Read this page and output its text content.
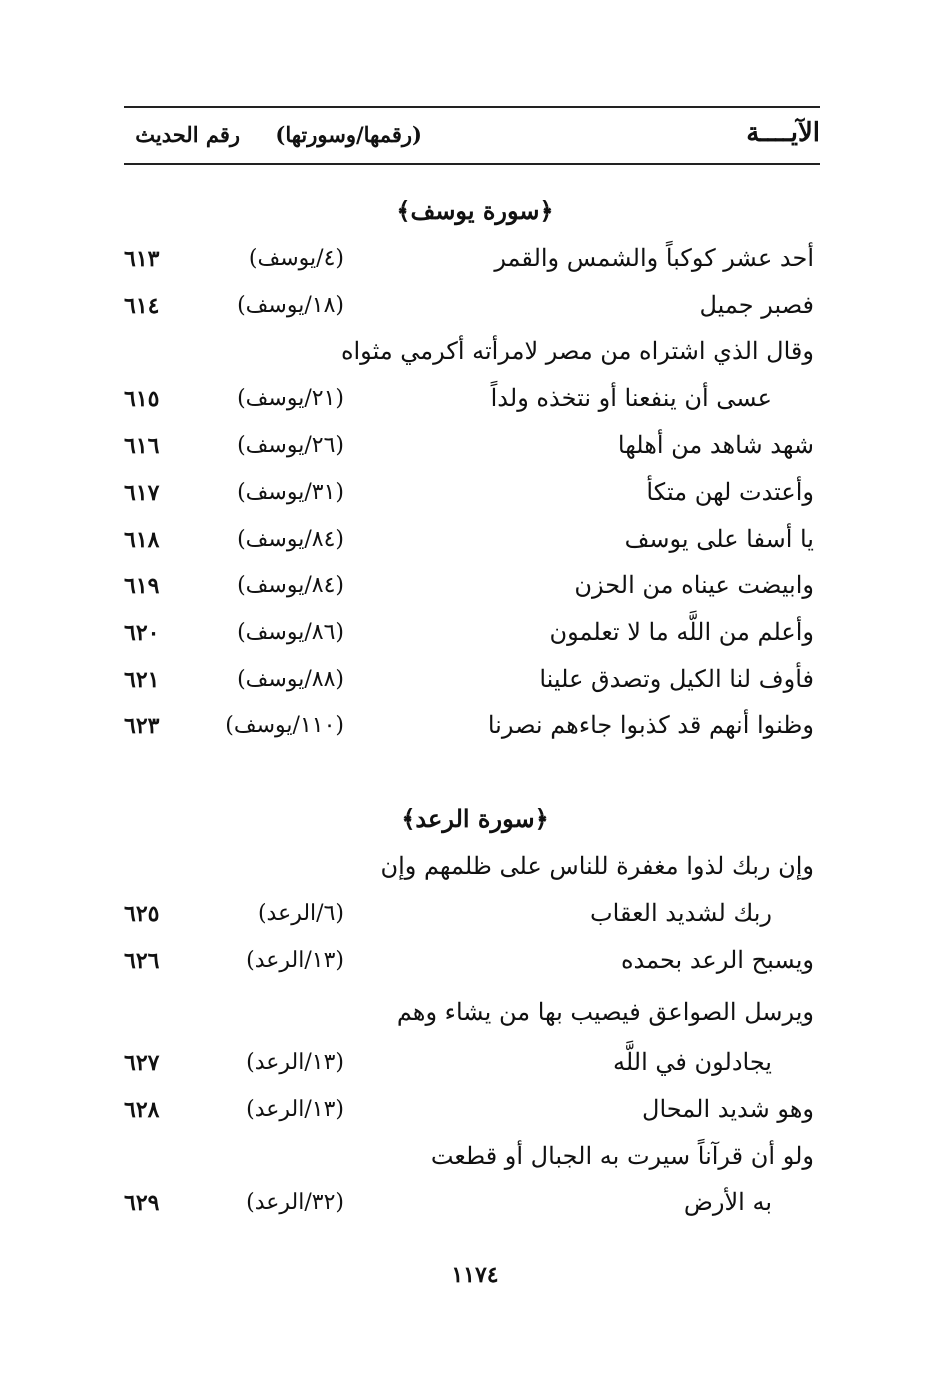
الآيــــة
(رقمها/وسورتها)
رقم الحديث
﴿سورة يوسف﴾
أحد عشر كوكباً والشمس والقمر
(٤/يوسف)
٦١٣
فصبر جميل
(١٨/يوسف)
٦١٤
وقال الذي اشتراه من مصر لامرأته أكرمي مثواه
عسى أن ينفعنا أو نتخذه ولداً
(٢١/يوسف)
٦١٥
شهد شاهد من أهلها
(٢٦/يوسف)
٦١٦
وأعتدت لهن متكأ
(٣١/يوسف)
٦١٧
يا أسفا على يوسف
(٨٤/يوسف)
٦١٨
وابيضت عيناه من الحزن
(٨٤/يوسف)
٦١٩
وأعلم من اللَّه ما لا تعلمون
(٨٦/يوسف)
٦٢٠
فأوف لنا الكيل وتصدق علينا
(٨٨/يوسف)
٦٢١
وظنوا أنهم قد كذبوا جاءهم نصرنا
(١١٠/يوسف)
٦٢٣
﴿سورة الرعد﴾
وإن ربك لذوا مغفرة للناس على ظلمهم وإن
ربك لشديد العقاب
(٦/الرعد)
٦٢٥
ويسبح الرعد بحمده
(١٣/الرعد)
٦٢٦
ويرسل الصواعق فيصيب بها من يشاء وهم
يجادلون في اللَّه
(١٣/الرعد)
٦٢٧
وهو شديد المحال
(١٣/الرعد)
٦٢٨
ولو أن قرآناً سيرت به الجبال أو قطعت
به الأرض
(٣٢/الرعد)
٦٢٩
١١٧٤
